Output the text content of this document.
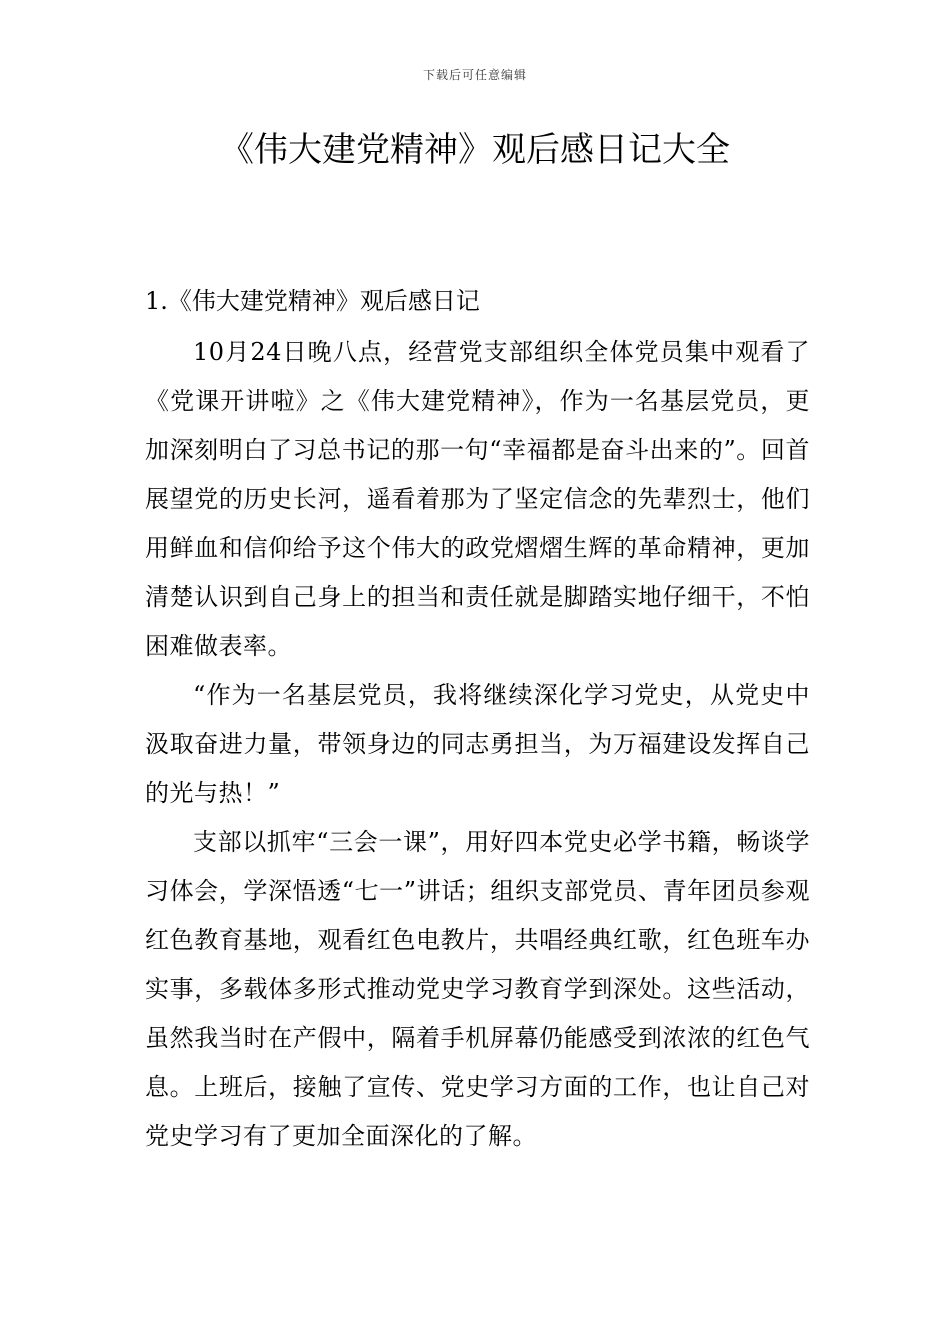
下载后可任意编辑
《伟大建党精神》观后感日记大全
1.《伟大建党精神》观后感日记

10月24日晚八点，经营党支部组织全体党员集中观看了《党课开讲啦》之《伟大建党精神》，作为一名基层党员，更加深刻明白了习总书记的那一句“幸福都是奋斗出来的”。回首展望党的历史长河，遥看着那为了坚定信念的先辈烈士，他们用鲜血和信仰给予这个伟大的政党熠熠生辉的革命精神，更加清楚认识到自己身上的担当和责任就是脚踏实地仔细干，不怕困难做表率。

“作为一名基层党员，我将继续深化学习党史，从党史中汲取奋进力量，带领身边的同志勇担当，为万福建设发挥自己的光与热！”

支部以抓牢“三会一课”，用好四本党史必学书籍，畅谈学习体会，学深悟透“七一”讲话；组织支部党员、青年团员参观红色教育基地，观看红色电教片，共唱经典红歌，红色班车办实事，多载体多形式推动党史学习教育学到深处。这些活动，虽然我当时在产假中，隔着手机屏幕仍能感受到浓浓的红色气息。上班后，接触了宣传、党史学习方面的工作，也让自己对党史学习有了更加全面深化的了解。
